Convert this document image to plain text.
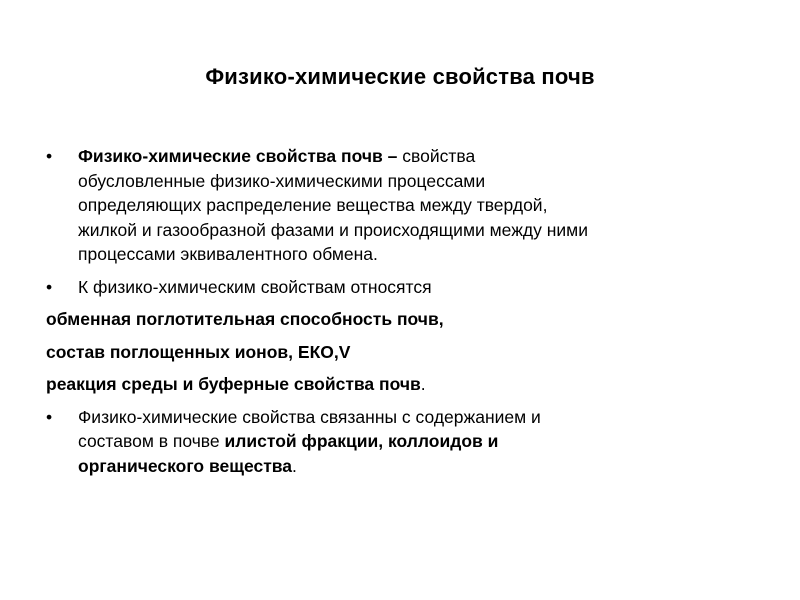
Физико-химические свойства почв
•	Физико-химические свойства почв – свойства
обусловленные физико-химическими процессами
определяющих распределение вещества между твердой,
жилкой и газообразной фазами и происходящими между ними
процессами эквивалентного обмена.
•	К физико-химическим свойствам относятся
обменная поглотительная способность почв,
состав поглощенных ионов, ЕКО,V
реакция среды и буферные свойства почв.
•	Физико-химические свойства связанны с содержанием и
составом в почве илистой фракции, коллоидов и
органического вещества.
